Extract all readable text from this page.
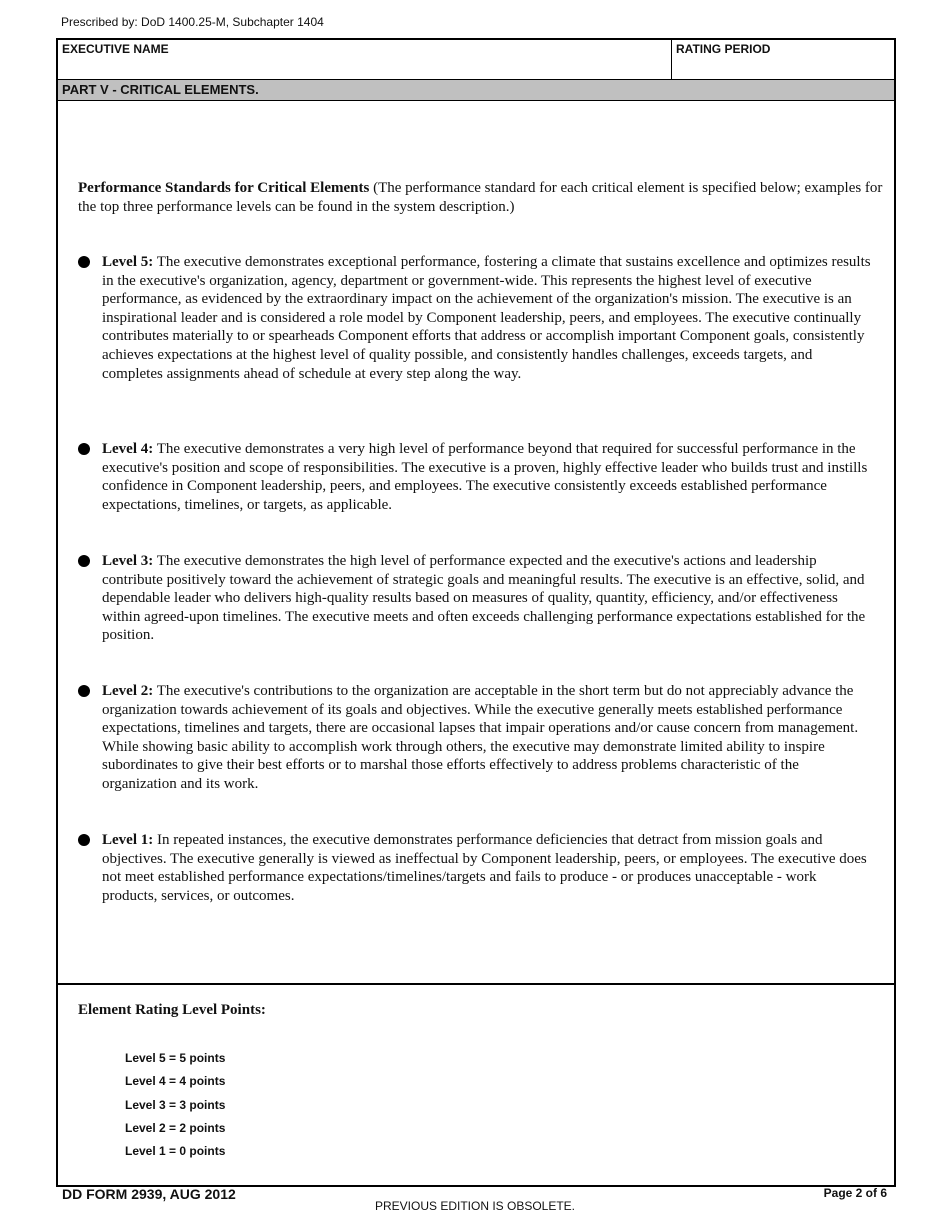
Prescribed by: DoD 1400.25-M, Subchapter 1404
EXECUTIVE NAME	RATING PERIOD
PART V - CRITICAL ELEMENTS.
Performance Standards for Critical Elements (The performance standard for each critical element is specified below; examples for the top three performance levels can be found in the system description.)
Level 5: The executive demonstrates exceptional performance, fostering a climate that sustains excellence and optimizes results in the executive's organization, agency, department or government-wide. This represents the highest level of executive performance, as evidenced by the extraordinary impact on the achievement of the organization's mission. The executive is an inspirational leader and is considered a role model by Component leadership, peers, and employees. The executive continually contributes materially to or spearheads Component efforts that address or accomplish important Component goals, consistently achieves expectations at the highest level of quality possible, and consistently handles challenges, exceeds targets, and completes assignments ahead of schedule at every step along the way.
Level 4: The executive demonstrates a very high level of performance beyond that required for successful performance in the executive's position and scope of responsibilities. The executive is a proven, highly effective leader who builds trust and instills confidence in Component leadership, peers, and employees. The executive consistently exceeds established performance expectations, timelines, or targets, as applicable.
Level 3: The executive demonstrates the high level of performance expected and the executive's actions and leadership contribute positively toward the achievement of strategic goals and meaningful results. The executive is an effective, solid, and dependable leader who delivers high-quality results based on measures of quality, quantity, efficiency, and/or effectiveness within agreed-upon timelines. The executive meets and often exceeds challenging performance expectations established for the position.
Level 2: The executive's contributions to the organization are acceptable in the short term but do not appreciably advance the organization towards achievement of its goals and objectives. While the executive generally meets established performance expectations, timelines and targets, there are occasional lapses that impair operations and/or cause concern from management. While showing basic ability to accomplish work through others, the executive may demonstrate limited ability to inspire subordinates to give their best efforts or to marshal those efforts effectively to address problems characteristic of the organization and its work.
Level 1: In repeated instances, the executive demonstrates performance deficiencies that detract from mission goals and objectives. The executive generally is viewed as ineffectual by Component leadership, peers, or employees. The executive does not meet established performance expectations/timelines/targets and fails to produce - or produces unacceptable - work products, services, or outcomes.
Element Rating Level Points:
Level 5 = 5 points
Level 4 = 4 points
Level 3 = 3 points
Level 2 = 2 points
Level 1 = 0 points
DD FORM 2939, AUG 2012
PREVIOUS EDITION IS OBSOLETE.
Page 2 of 6
